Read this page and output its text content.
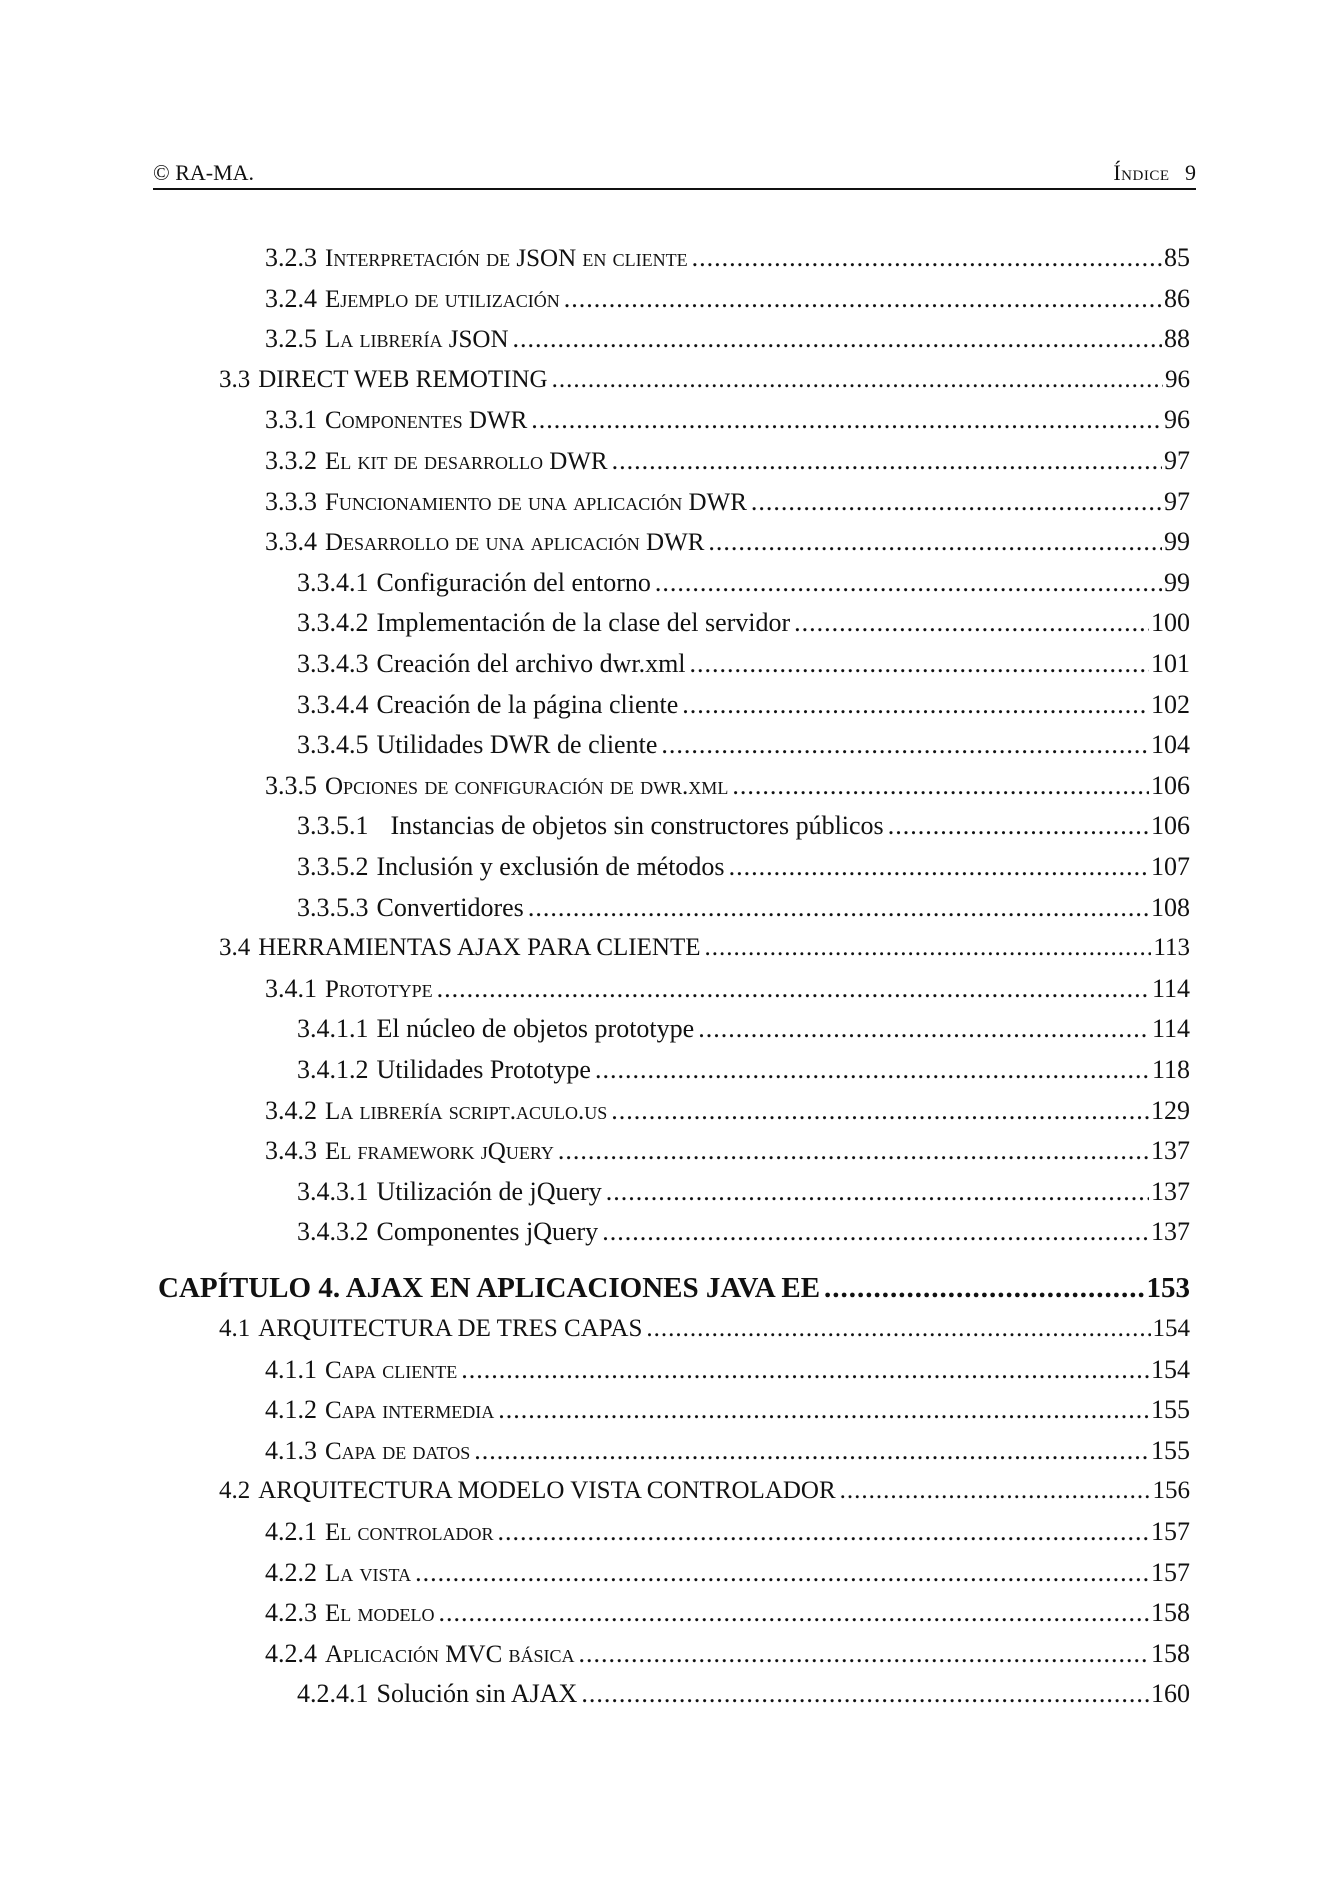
© RA-MA.	Índice 9
3.2.3 Interpretación de JSON en cliente .....	85
3.2.4 Ejemplo de utilización .....	86
3.2.5 La librería JSON .....	88
3.3 DIRECT WEB REMOTING .....	96
3.3.1 Componentes DWR .....	96
3.3.2 El kit de desarrollo DWR .....	97
3.3.3 Funcionamiento de una aplicación DWR .....	97
3.3.4 Desarrollo de una aplicación DWR .....	99
3.3.4.1 Configuración del entorno .....	99
3.3.4.2 Implementación de la clase del servidor .....	100
3.3.4.3 Creación del archivo dwr.xml .....	101
3.3.4.4 Creación de la página cliente .....	102
3.3.4.5 Utilidades DWR de cliente .....	104
3.3.5 Opciones de configuración de dwr.xml .....	106
3.3.5.1 Instancias de objetos sin constructores públicos .....	106
3.3.5.2 Inclusión y exclusión de métodos .....	107
3.3.5.3 Convertidores .....	108
3.4 HERRAMIENTAS AJAX PARA CLIENTE .....	113
3.4.1 Prototype .....	114
3.4.1.1 El núcleo de objetos prototype .....	114
3.4.1.2 Utilidades Prototype .....	118
3.4.2 La librería script.aculo.us .....	129
3.4.3 El framework jQuery .....	137
3.4.3.1 Utilización de jQuery .....	137
3.4.3.2 Componentes jQuery .....	137
CAPÍTULO 4. AJAX EN APLICACIONES JAVA EE .....	153
4.1 ARQUITECTURA DE TRES CAPAS .....	154
4.1.1 Capa cliente .....	154
4.1.2 Capa intermedia .....	155
4.1.3 Capa de datos .....	155
4.2 ARQUITECTURA MODELO VISTA CONTROLADOR .....	156
4.2.1 El controlador .....	157
4.2.2 La vista .....	157
4.2.3 El modelo .....	158
4.2.4 Aplicación MVC básica .....	158
4.2.4.1 Solución sin AJAX .....	160
